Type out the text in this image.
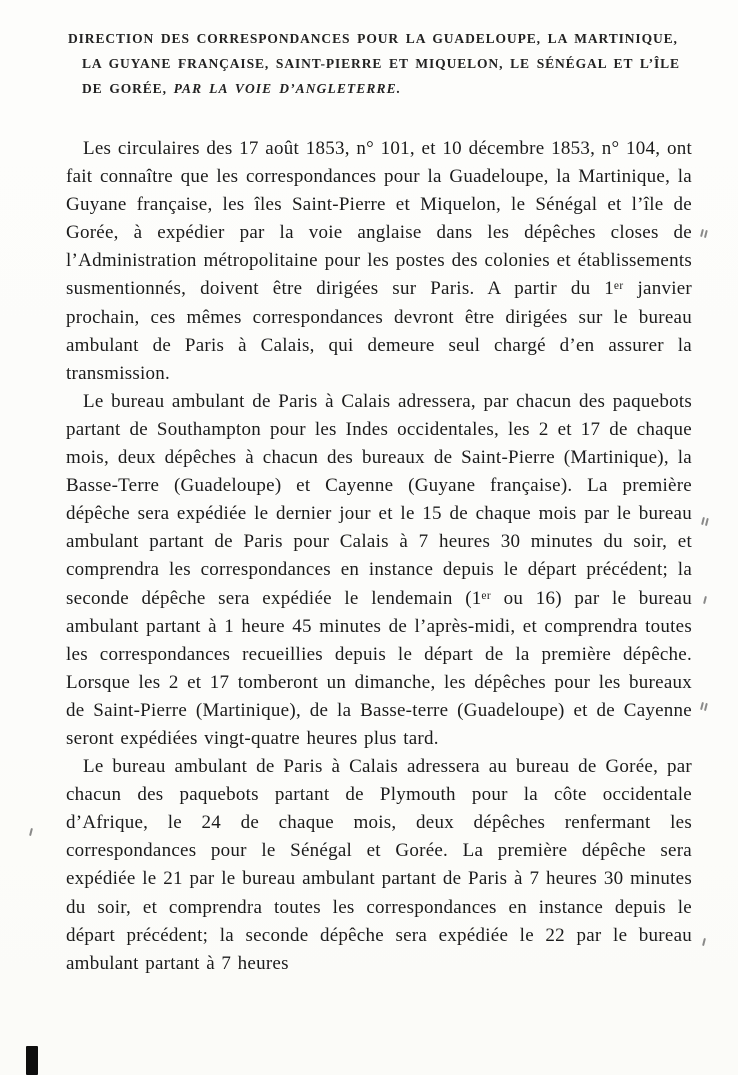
DIRECTION DES CORRESPONDANCES POUR LA GUADELOUPE, LA MARTINIQUE, LA GUYANE FRANÇAISE, SAINT-PIERRE ET MIQUELON, LE SÉNÉGAL ET L’ÎLE DE GORÉE, PAR LA VOIE D’ANGLETERRE.

Les circulaires des 17 août 1853, n° 101, et 10 décembre 1853, n° 104, ont fait connaître que les correspondances pour la Guadeloupe, la Martinique, la Guyane française, les îles Saint-Pierre et Miquelon, le Sénégal et l’île de Gorée, à expédier par la voie anglaise dans les dépêches closes de l’Administration métropolitaine pour les postes des colonies et établissements susmentionnés, doivent être dirigées sur Paris. A partir du 1ᵉʳ janvier prochain, ces mêmes correspondances devront être dirigées sur le bureau ambulant de Paris à Calais, qui demeure seul chargé d’en assurer la transmission.

Le bureau ambulant de Paris à Calais adressera, par chacun des paquebots partant de Southampton pour les Indes occidentales, les 2 et 17 de chaque mois, deux dépêches à chacun des bureaux de Saint-Pierre (Martinique), la Basse-Terre (Guadeloupe) et Cayenne (Guyane française). La première dépêche sera expédiée le dernier jour et le 15 de chaque mois par le bureau ambulant partant de Paris pour Calais à 7 heures 30 minutes du soir, et comprendra les correspondances en instance depuis le départ précédent; la seconde dépêche sera expédiée le lendemain (1ᵉʳ ou 16) par le bureau ambulant partant à 1 heure 45 minutes de l’après-midi, et comprendra toutes les correspondances recueillies depuis le départ de la première dépêche. Lorsque les 2 et 17 tomberont un dimanche, les dépêches pour les bureaux de Saint-Pierre (Martinique), de la Basse-terre (Guadeloupe) et de Cayenne seront expédiées vingt-quatre heures plus tard.

Le bureau ambulant de Paris à Calais adressera au bureau de Gorée, par chacun des paquebots partant de Plymouth pour la côte occidentale d’Afrique, le 24 de chaque mois, deux dépêches renfermant les correspondances pour le Sénégal et Gorée. La première dépêche sera expédiée le 21 par le bureau ambulant partant de Paris à 7 heures 30 minutes du soir, et comprendra toutes les correspondances en instance depuis le départ précédent; la seconde dépêche sera expédiée le 22 par le bureau ambulant partant à 7 heures
